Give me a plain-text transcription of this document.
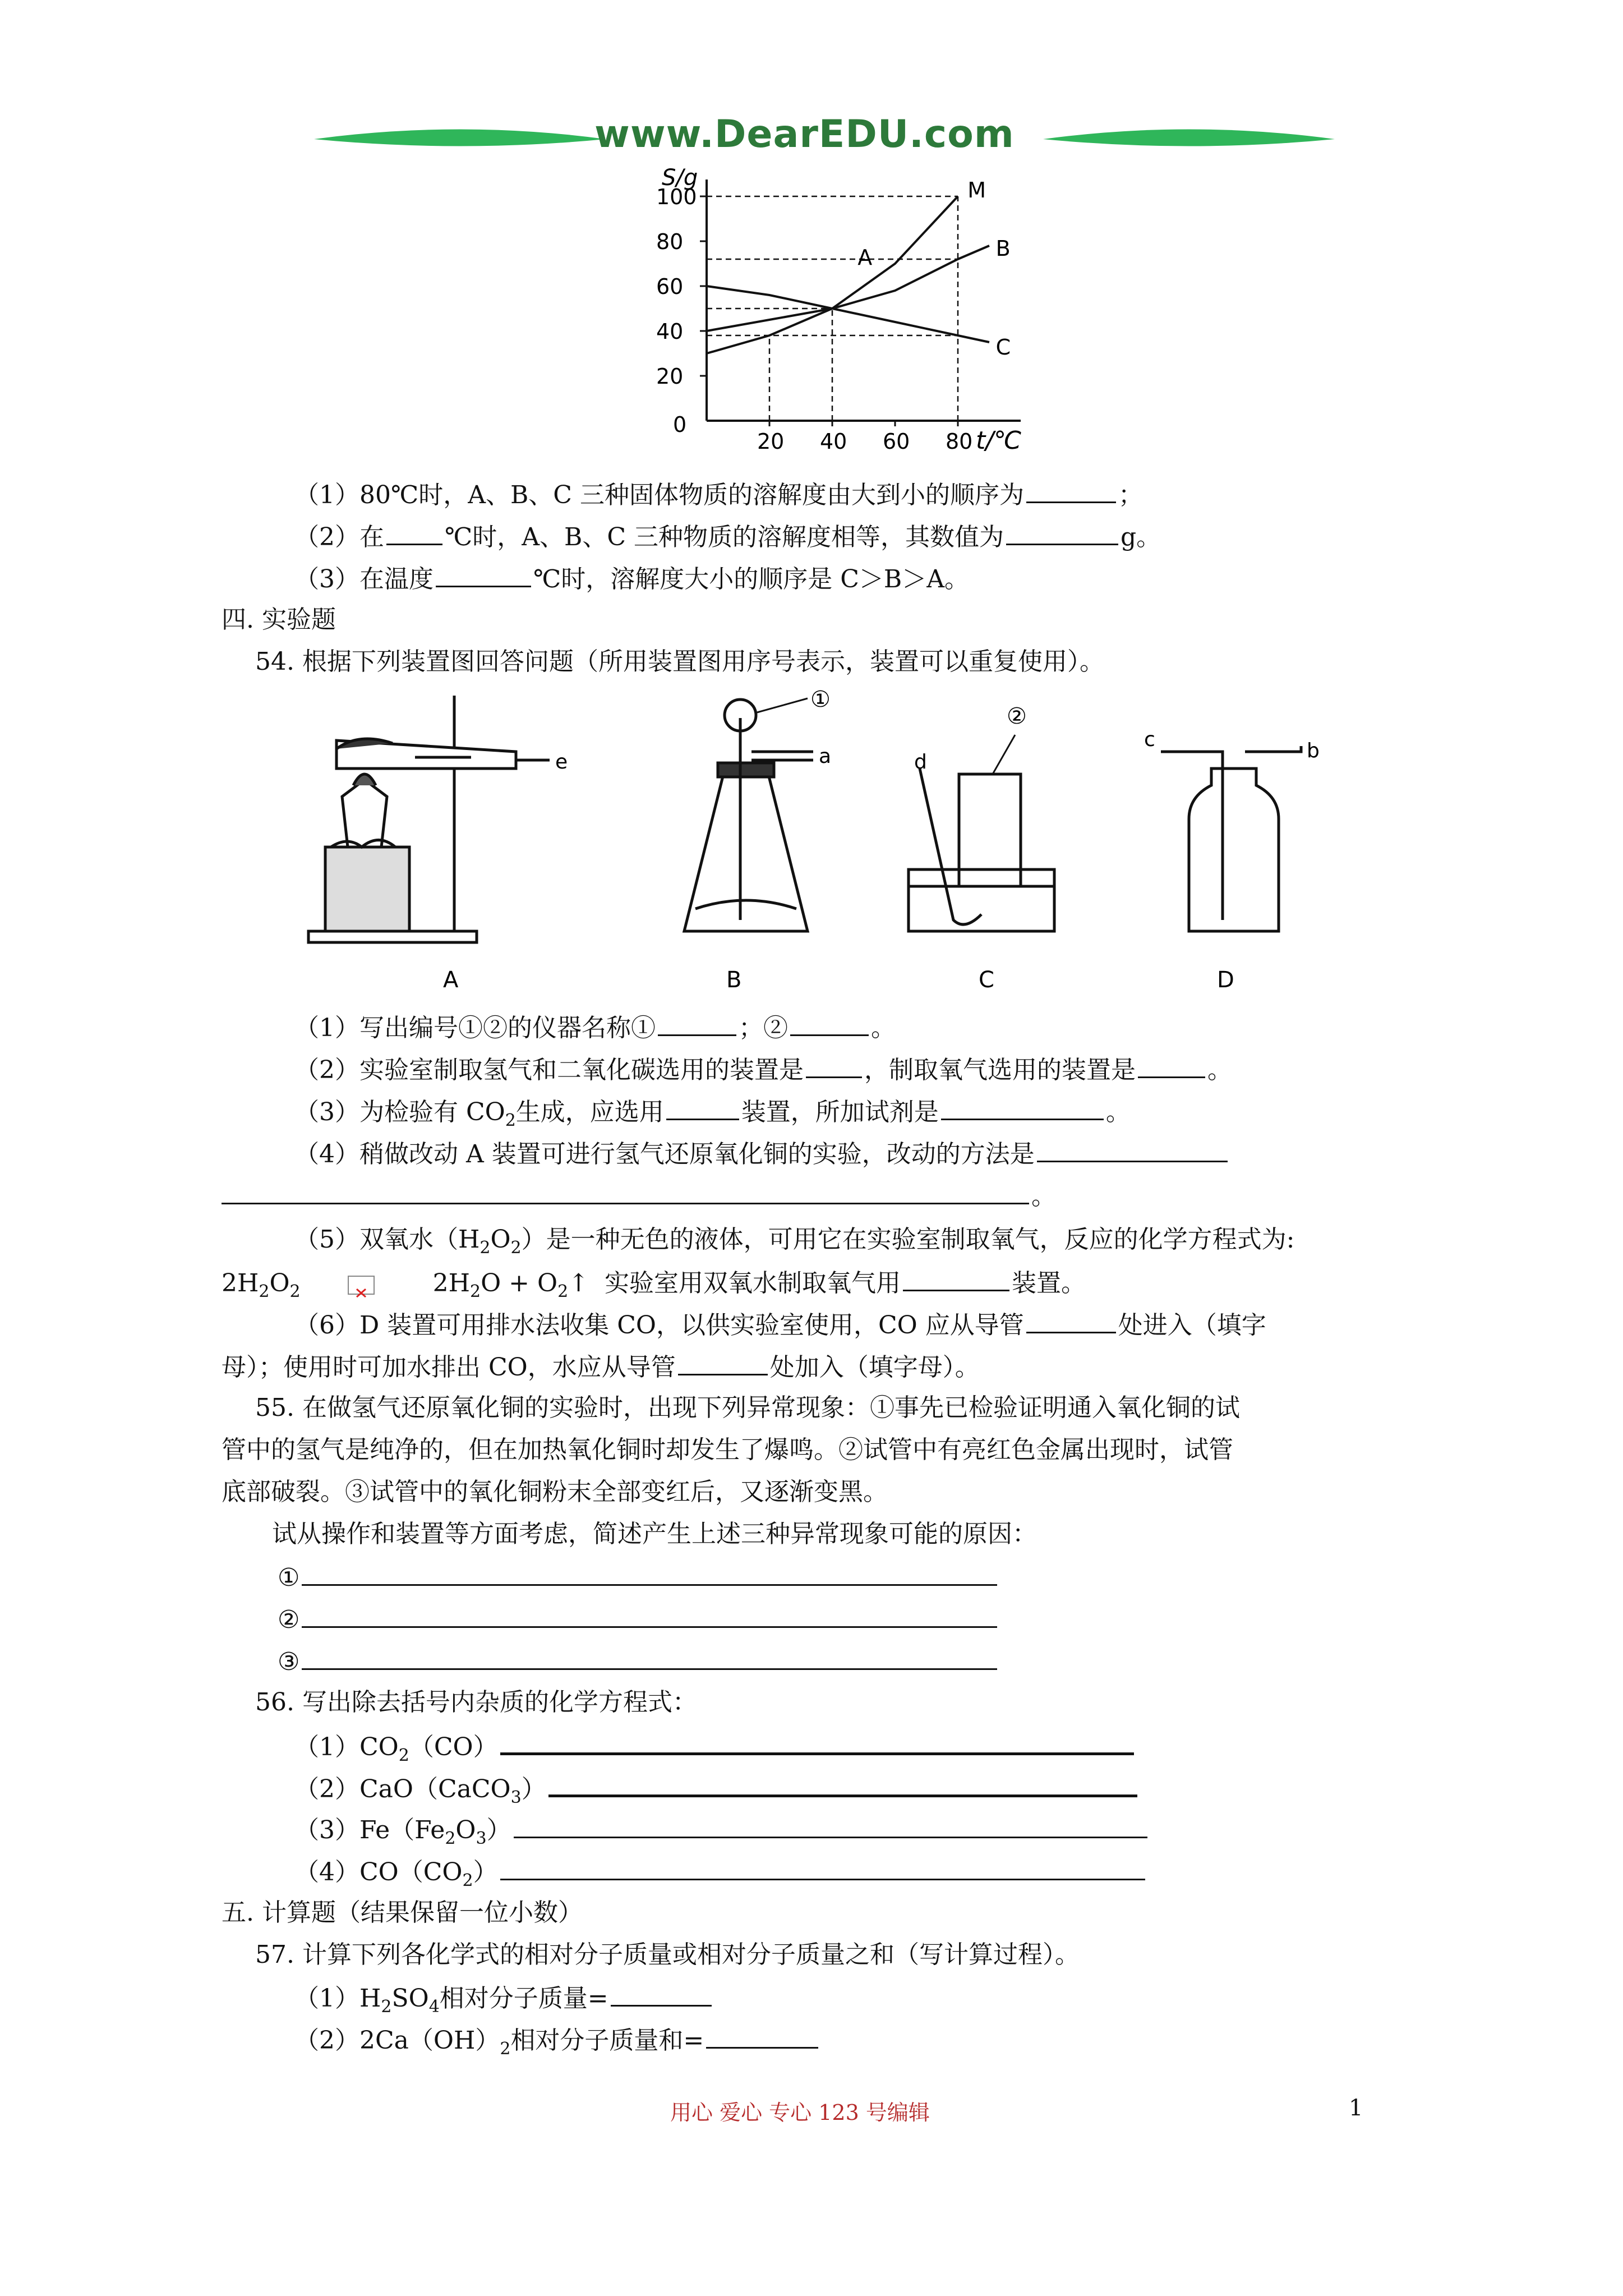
www.DearEDU.com
S/g
t/℃
0
100
80
60
40
20
20 40 60 80
M
A	B
C
（1）80℃时，A、B、C 三种固体物质的溶解度由大到小的顺序为	；
（2）在 ℃时，A、B、C 三种物质的溶解度相等，其数值为	g。
（3）在温度	℃时，溶解度大小的顺序是 C＞B＞A。
四. 实验题
54. 根据下列装置图回答问题（所用装置图用序号表示，装置可以重复使用）。
e
A
①
a
B
②
d
C
c	b
D
（1）写出编号①②的仪器名称①	；②	。
（2）实验室制取氢气和二氧化碳选用的装置是 ，制取氧气选用的装置是	。
（3）为检验有 $CO_2$生成，应选用	装置，所加试剂是	。
（4）稍做改动 A 装置可进行氢气还原氧化铜的实验，改动的方法是
。
（5）双氧水$(H_2O_2)$是一种无色的液体，可用它在实验室制取氧气，反应的化学方程式为:
$2H_2O_2$	$2H_2O$ + $O_2↑$ 实验室用双氧水制取氧气用	装置。
（6）D 装置可用排水法收集 CO，以供实验室使用，CO 应从导管	处进入（填字
母）；使用时可加水排出 CO，水应从导管	处加入（填字母）。
55. 在做氢气还原氧化铜的实验时，出现下列异常现象：①事先已检验证明通入氧化铜的试
管中的氢气是纯净的，但在加热氧化铜时却发生了爆鸣。②试管中有亮红色金属出现时，试管
底部破裂。③试管中的氧化铜粉末全部变红后，又逐渐变黑。
试从操作和装置等方面考虑，简述产生上述三种异常现象可能的原因：
①
②
③
56. 写出除去括号内杂质的化学方程式：
$(1)CO_2(CO)$
（2）CaO（CaCO$_3$）
$(3)Fe(Fe_2O_3)$
$(4)CO(CO_2)$
五. 计算题（结果保留一位小数）
57. 计算下列各化学式的相对分子质量或相对分子质量之和（写计算过程）。
$(1)H_2SO_4$相对分子质量=
$(2)2Ca(OH)_2$相对分子质量和=
用心 爱心 专心 123 号编辑	1
